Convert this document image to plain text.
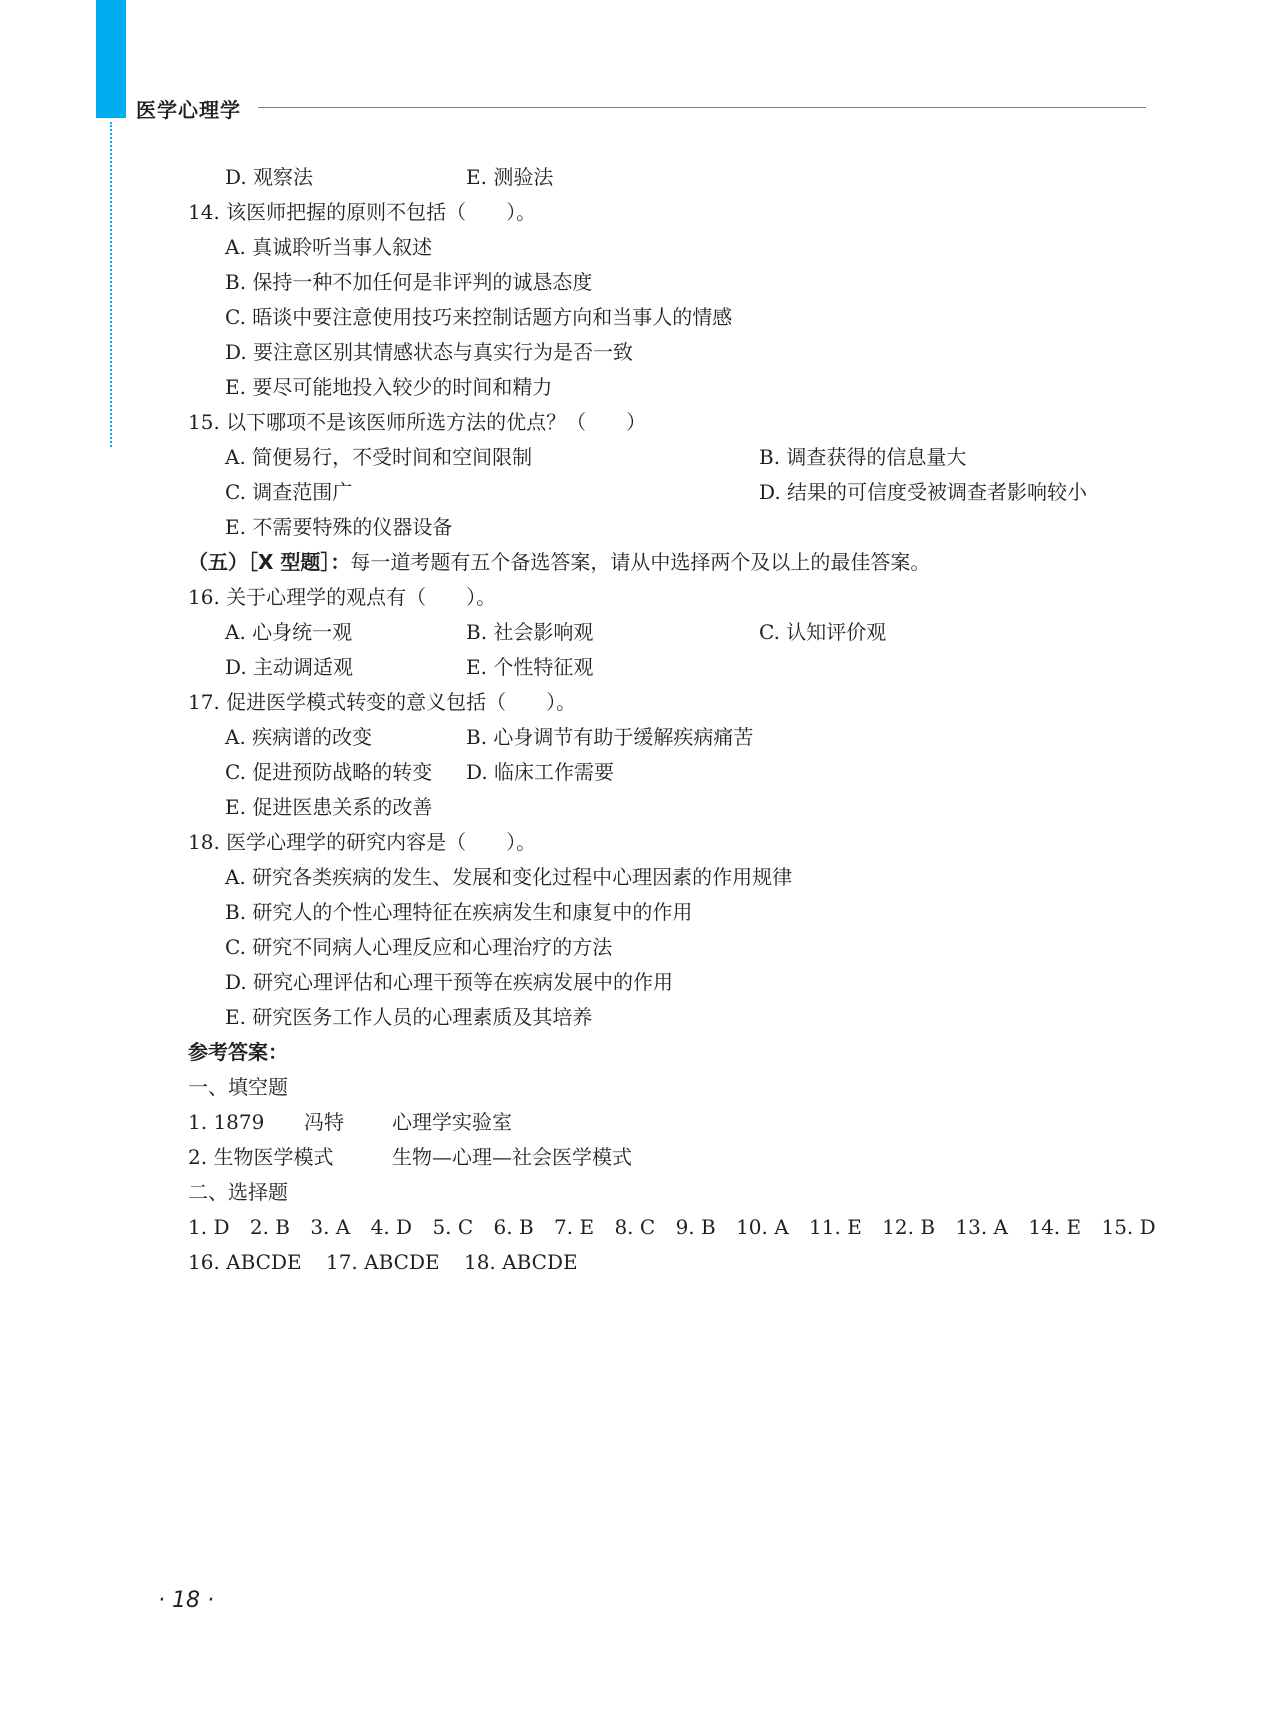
医学心理学
D. 观察法	E. 测验法
14. 该医师把握的原则不包括（　　）。
A. 真诚聆听当事人叙述
B. 保持一种不加任何是非评判的诚恳态度
C. 晤谈中要注意使用技巧来控制话题方向和当事人的情感
D. 要注意区别其情感状态与真实行为是否一致
E. 要尽可能地投入较少的时间和精力
15. 以下哪项不是该医师所选方法的优点？（　　）
A. 简便易行，不受时间和空间限制	B. 调查获得的信息量大
C. 调查范围广	D. 结果的可信度受被调查者影响较小
E. 不需要特殊的仪器设备
（五）［X 型题］：每一道考题有五个备选答案，请从中选择两个及以上的最佳答案。
16. 关于心理学的观点有（　　）。
A. 心身统一观	B. 社会影响观	C. 认知评价观
D. 主动调适观	E. 个性特征观
17. 促进医学模式转变的意义包括（　　）。
A. 疾病谱的改变	B. 心身调节有助于缓解疾病痛苦
C. 促进预防战略的转变 D. 临床工作需要
E. 促进医患关系的改善
18. 医学心理学的研究内容是（　　）。
A. 研究各类疾病的发生、发展和变化过程中心理因素的作用规律
B. 研究人的个性心理特征在疾病发生和康复中的作用
C. 研究不同病人心理反应和心理治疗的方法
D. 研究心理评估和心理干预等在疾病发展中的作用
E. 研究医务工作人员的心理素质及其培养
参考答案：
一、填空题
1. 1879 冯特 心理学实验室
2. 生物医学模式	生物—心理—社会医学模式
二、选择题
1. D 2. B 3. A 4. D 5. C 6. B 7. E 8. C 9. B 10. A 11. E 12. B 13. A 14. E 15. D
16. ABCDE 17. ABCDE 18. ABCDE
· 18 ·
